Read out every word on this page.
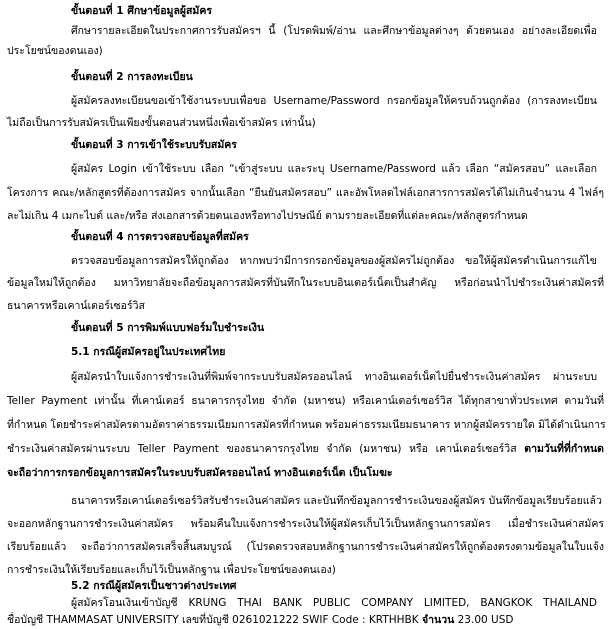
ขั้นตอนที่ 1 ศึกษาข้อมูลผู้สมัคร
ศึกษารายละเอียดในประกาศการรับสมัครฯ นี้ (โปรดพิมพ์/อ่าน และศึกษาข้อมูลต่างๆ ด้วยตนเอง อย่างละเอียดเพื่อ
ประโยชน์ของตนเอง)
ขั้นตอนที่ 2 การลงทะเบียน
ผู้สมัครลงทะเบียนขอเข้าใช้งานระบบเพื่อขอ Username/Password กรอกข้อมูลให้ครบถ้วนถูกต้อง (การลงทะเบียน
ไม่ถือเป็นการรับสมัครเป็นเพียงขั้นตอนส่วนหนึ่งเพื่อเข้าสมัคร เท่านั้น)
ขั้นตอนที่ 3 การเข้าใช้ระบบรับสมัคร
ผู้สมัคร Login เข้าใช้ระบบ เลือก “เข้าสู่ระบบ และระบุ Username/Password แล้ว เลือก “สมัครสอบ” และเลือก
โครงการ คณะ/หลักสูตรที่ต้องการสมัคร จากนั้นเลือก “ยืนยันสมัครสอบ” และอัพโหลดไฟล์เอกสารการสมัครได้ไม่เกินจำนวน 4 ไฟล์ๆ
ละไม่เกิน 4 เมกะไบต์ และ/หรือ ส่งเอกสารด้วยตนเองหรือทางไปรษณีย์ ตามรายละเอียดที่แต่ละคณะ/หลักสูตรกำหนด
ขั้นตอนที่ 4 การตรวจสอบข้อมูลที่สมัคร
ตรวจสอบข้อมูลการสมัครให้ถูกต้อง หากพบว่ามีการกรอกข้อมูลของผู้สมัครไม่ถูกต้อง ขอให้ผู้สมัครดำเนินการแก้ไข
ข้อมูลใหม่ให้ถูกต้อง มหาวิทยาลัยจะถือข้อมูลการสมัครที่บันทึกในระบบอินเตอร์เน็ตเป็นสำคัญ หรือก่อนนำไปชำระเงินค่าสมัครที่
ธนาคารหรือเคาน์เตอร์เซอร์วิส
ขั้นตอนที่ 5 การพิมพ์แบบฟอร์มใบชำระเงิน
5.1 กรณีผู้สมัครอยู่ในประเทศไทย
ผู้สมัครนำใบแจ้งการชำระเงินที่พิมพ์จากระบบรับสมัครออนไลน์ ทางอินเตอร์เน็ตไปยื่นชำระเงินค่าสมัคร ผ่านระบบ
Teller Payment เท่านั้น ที่เคาน์เตอร์ ธนาคารกรุงไทย จำกัด (มหาชน) หรือเคาน์เตอร์เซอร์วิส ได้ทุกสาขาทั่วประเทศ ตามวันที่
ที่กำหนด โดยชำระค่าสมัครตามอัตราค่าธรรมเนียมการสมัครที่กำหนด พร้อมค่าธรรมเนียมธนาคาร หากผู้สมัครรายใด มิได้ดำเนินการ
ชำระเงินค่าสมัครผ่านระบบ Teller Payment ของธนาคารกรุงไทย จำกัด (มหาชน) หรือ เคาน์เตอร์เซอร์วิส ตามวันที่ที่กำหนด
จะถือว่าการกรอกข้อมูลการสมัครในระบบรับสมัครออนไลน์ ทางอินเตอร์เน็ต เป็นโมฆะ
ธนาคารหรือเคาน์เตอร์เซอร์วิสรับชำระเงินค่าสมัคร และบันทึกข้อมูลการชำระเงินของผู้สมัคร บันทึกข้อมูลเรียบร้อยแล้ว
จะออกหลักฐานการชำระเงินค่าสมัคร พร้อมคืนใบแจ้งการชำระเงินให้ผู้สมัครเก็บไว้เป็นหลักฐานการสมัคร เมื่อชำระเงินค่าสมัคร
เรียบร้อยแล้ว จะถือว่าการสมัครเสร็จสิ้นสมบูรณ์ (โปรดตรวจสอบหลักฐานการชำระเงินค่าสมัครให้ถูกต้องตรงตามข้อมูลในใบแจ้ง
การชำระเงินให้เรียบร้อยและเก็บไว้เป็นหลักฐาน เพื่อประโยชน์ของตนเอง)
5.2 กรณีผู้สมัครเป็นชาวต่างประเทศ
ผู้สมัครโอนเงินเข้าบัญชี KRUNG THAI BANK PUBLIC COMPANY LIMITED, BANGKOK THAILAND
ชื่อบัญชี THAMMASAT UNIVERSITY เลขที่บัญชี 0261021222 SWIF Code : KRTHHBK จำนวน 23.00 USD
